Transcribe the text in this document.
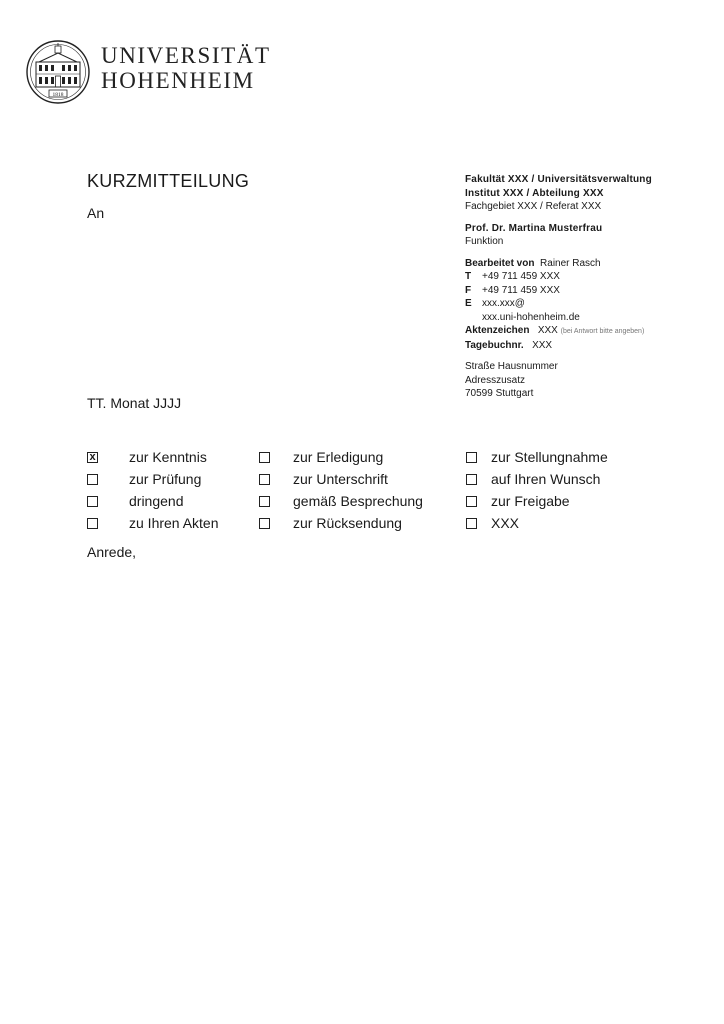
1818
UNIVERSITÄT
HOHENHEIM
KURZMITTEILUNG
An
TT. Monat JJJJ
Fakultät XXX / Universitätsverwaltung
Institut XXX / Abteilung XXX
Fachgebiet XXX / Referat XXX
Prof. Dr. Martina Musterfrau
Funktion
Bearbeitet von Rainer Rasch
T +49 711 459 XXX
F +49 711 459 XXX
E xxx.xxx@
xxx.uni-hohenheim.de
Aktenzeichen XXX (bei Antwort bitte angeben)
Tagebuchnr. XXX
Straße Hausnummer
Adresszusatz
70599 Stuttgart
x zur Kenntnis	zur Erledigung	zur Stellungnahme
zur Prüfung	zur Unterschrift	auf Ihren Wunsch
dringend	gemäß Besprechung	zur Freigabe
zu Ihren Akten	zur Rücksendung	XXX
Anrede,
